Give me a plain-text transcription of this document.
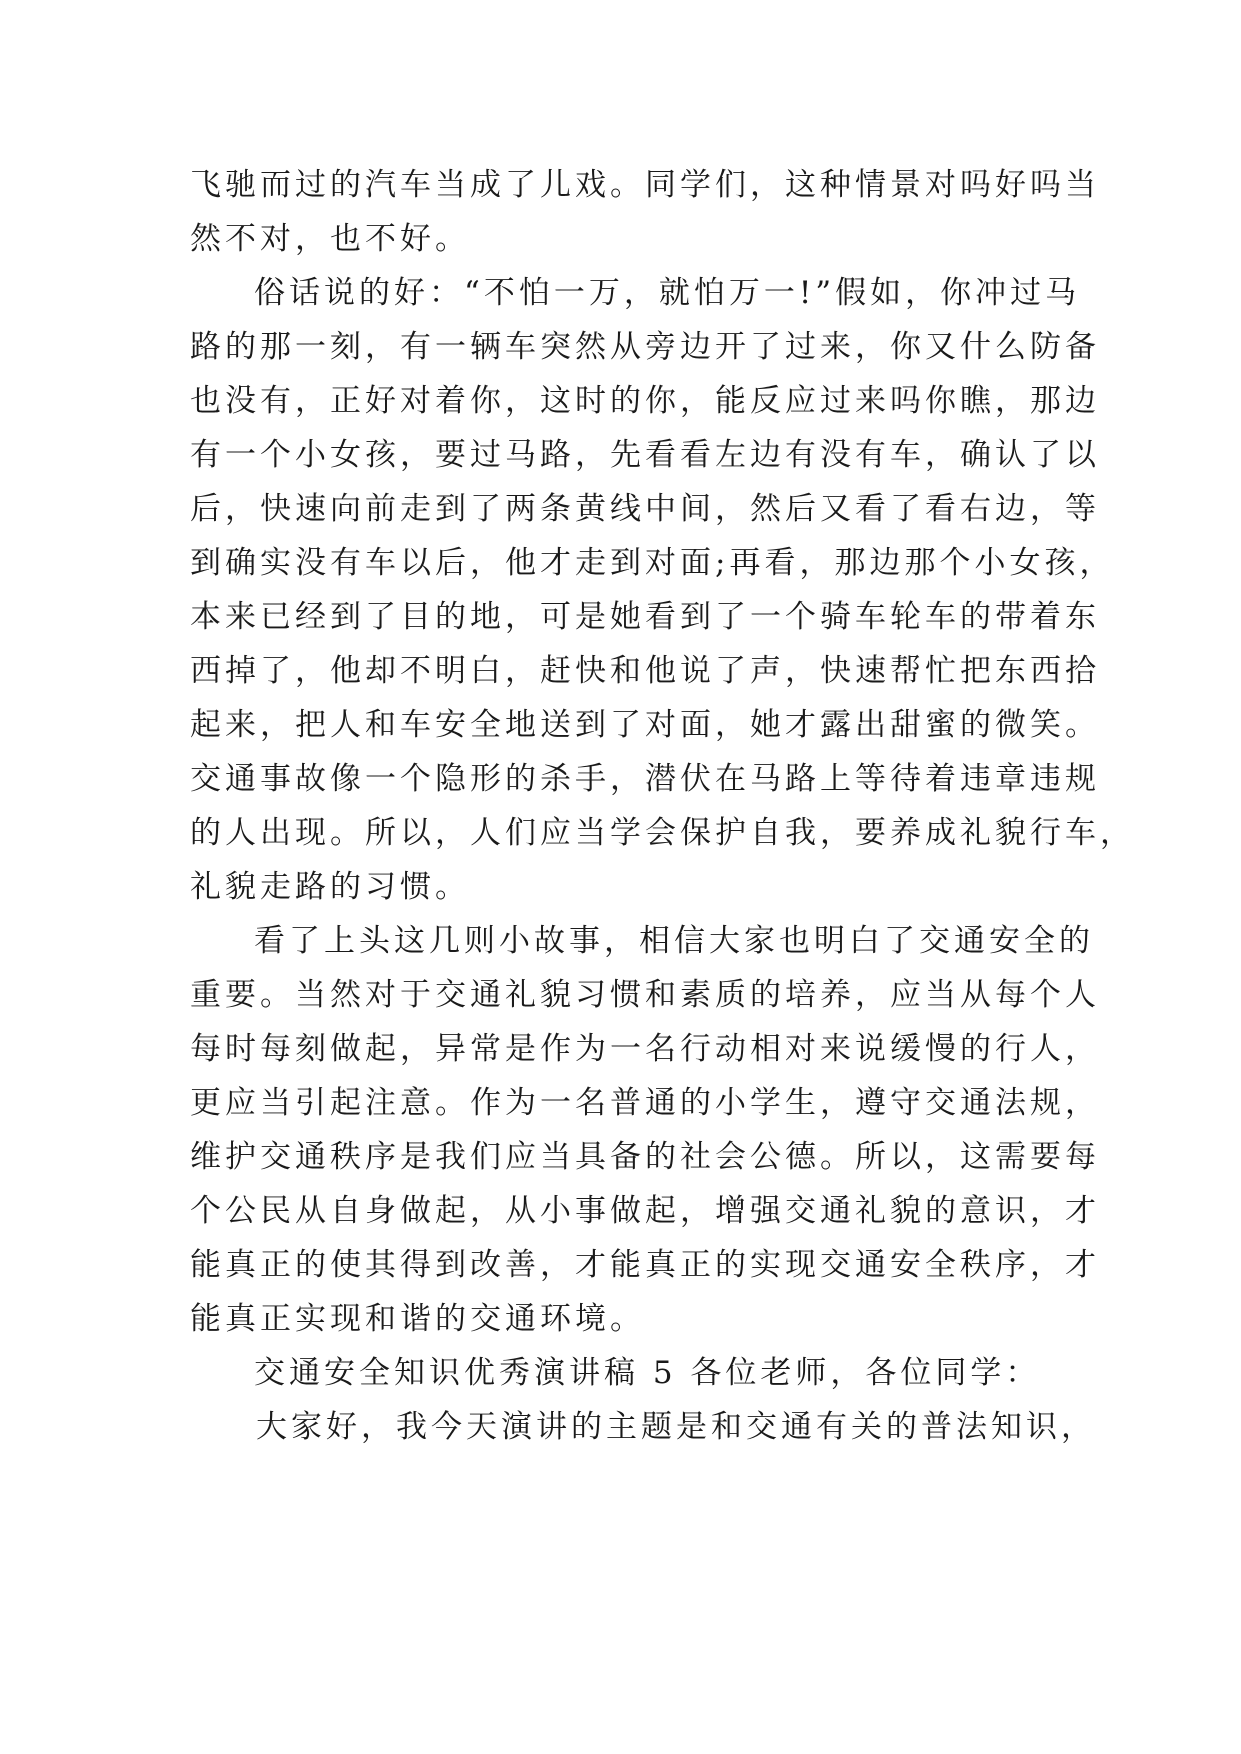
飞驰而过的汽车当成了儿戏。同学们，这种情景对吗好吗当
然不对，也不好。
俗话说的好：“不怕一万，就怕万一!”假如，你冲过马
路的那一刻，有一辆车突然从旁边开了过来，你又什么防备
也没有，正好对着你，这时的你，能反应过来吗你瞧，那边
有一个小女孩，要过马路，先看看左边有没有车，确认了以
后，快速向前走到了两条黄线中间，然后又看了看右边，等
到确实没有车以后，他才走到对面;再看，那边那个小女孩，
本来已经到了目的地，可是她看到了一个骑车轮车的带着东
西掉了，他却不明白，赶快和他说了声，快速帮忙把东西拾
起来，把人和车安全地送到了对面，她才露出甜蜜的微笑。
交通事故像一个隐形的杀手，潜伏在马路上等待着违章违规
的人出现。所以，人们应当学会保护自我，要养成礼貌行车，
礼貌走路的习惯。
看了上头这几则小故事，相信大家也明白了交通安全的
重要。当然对于交通礼貌习惯和素质的培养，应当从每个人
每时每刻做起，异常是作为一名行动相对来说缓慢的行人，
更应当引起注意。作为一名普通的小学生，遵守交通法规，
维护交通秩序是我们应当具备的社会公德。所以，这需要每
个公民从自身做起，从小事做起，增强交通礼貌的意识，才
能真正的使其得到改善，才能真正的实现交通安全秩序，才
能真正实现和谐的交通环境。
交通安全知识优秀演讲稿 5 各位老师，各位同学：
大家好，我今天演讲的主题是和交通有关的普法知识，
